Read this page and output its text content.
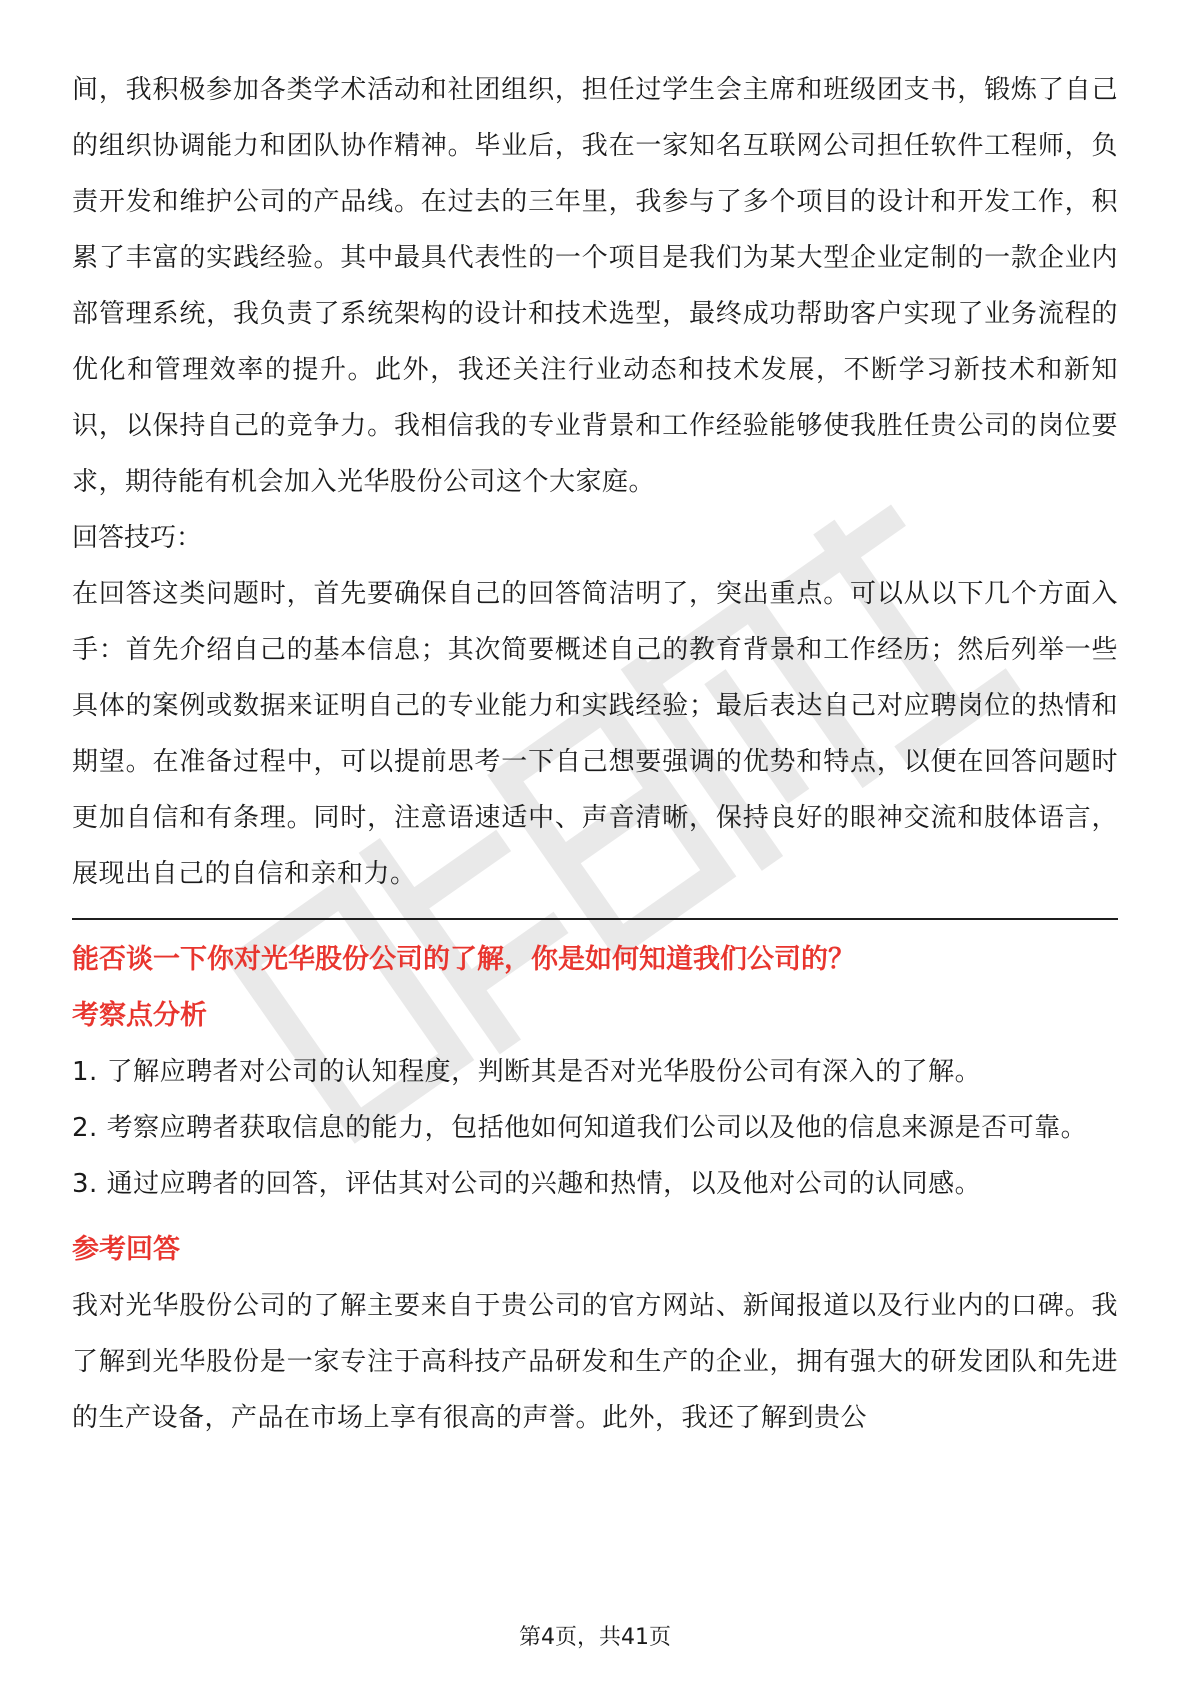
间，我积极参加各类学术活动和社团组织，担任过学生会主席和班级团支书，锻炼了自己的组织协调能力和团队协作精神。毕业后，我在一家知名互联网公司担任软件工程师，负责开发和维护公司的产品线。在过去的三年里，我参与了多个项目的设计和开发工作，积累了丰富的实践经验。其中最具代表性的一个项目是我们为某大型企业定制的一款企业内部管理系统，我负责了系统架构的设计和技术选型，最终成功帮助客户实现了业务流程的优化和管理效率的提升。此外，我还关注行业动态和技术发展，不断学习新技术和新知识，以保持自己的竞争力。我相信我的专业背景和工作经验能够使我胜任贵公司的岗位要求，期待能有机会加入光华股份公司这个大家庭。

回答技巧：

在回答这类问题时，首先要确保自己的回答简洁明了，突出重点。可以从以下几个方面入手：首先介绍自己的基本信息；其次简要概述自己的教育背景和工作经历；然后列举一些具体的案例或数据来证明自己的专业能力和实践经验；最后表达自己对应聘岗位的热情和期望。在准备过程中，可以提前思考一下自己想要强调的优势和特点，以便在回答问题时更加自信和有条理。同时，注意语速适中、声音清晰，保持良好的眼神交流和肢体语言，展现出自己的自信和亲和力。

能否谈一下你对光华股份公司的了解，你是如何知道我们公司的？

考察点分析

1. 了解应聘者对公司的认知程度，判断其是否对光华股份公司有深入的了解。

2. 考察应聘者获取信息的能力，包括他如何知道我们公司以及他的信息来源是否可靠。

3. 通过应聘者的回答，评估其对公司的兴趣和热情，以及他对公司的认同感。

参考回答

我对光华股份公司的了解主要来自于贵公司的官方网站、新闻报道以及行业内的口碑。我了解到光华股份是一家专注于高科技产品研发和生产的企业，拥有强大的研发团队和先进的生产设备，产品在市场上享有很高的声誉。此外，我还了解到贵公

第4页，共41页
